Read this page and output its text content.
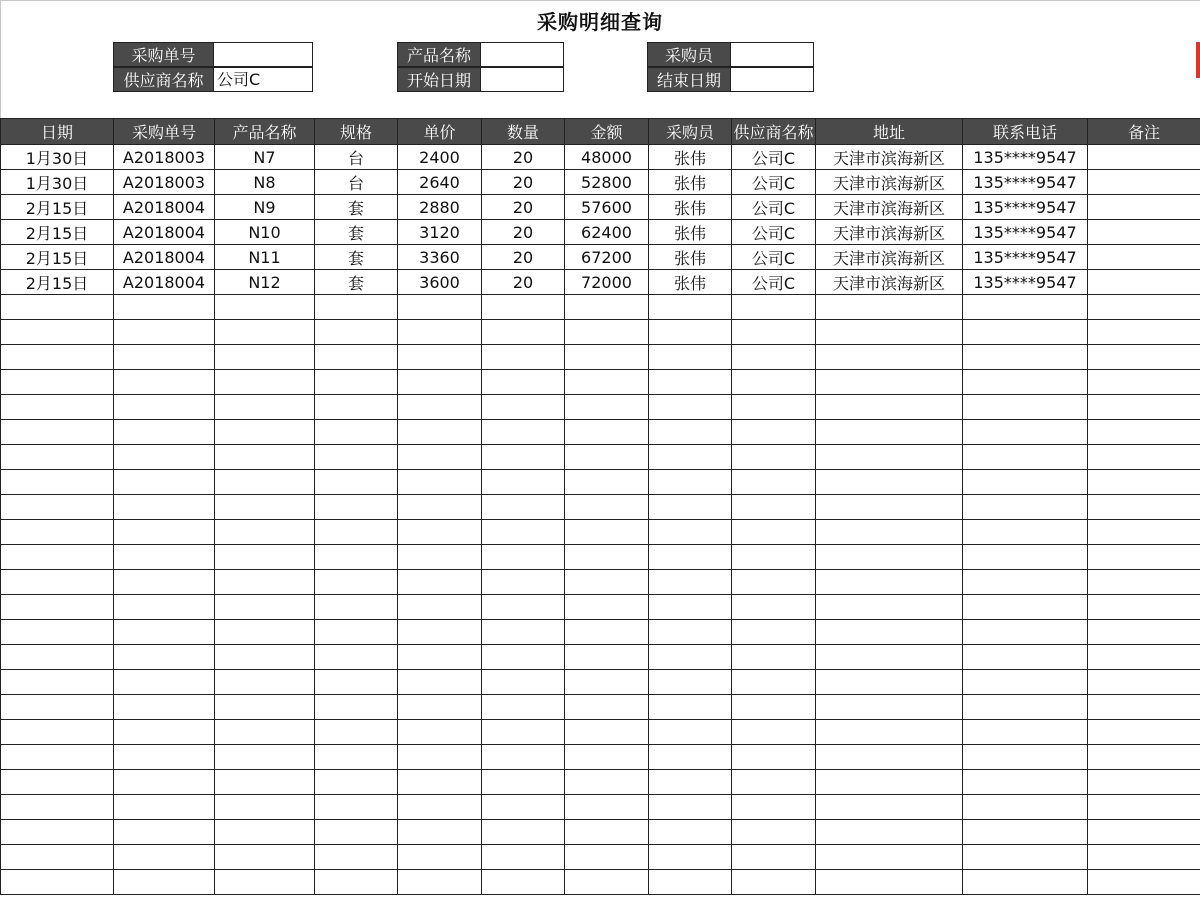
采购明细查询
采购单号	产品名称	采购员
供应商名称 公司C	开始日期	结束日期
日期	采购单号	产品名称	规格	单价	数量	金额	采购员	供应商名称	地址	联系电话	备注
1月30日	A2018003	N7	台	2400	20	48000	张伟	公司C	天津市滨海新区	135****9547	
1月30日	A2018003	N8	台	2640	20	52800	张伟	公司C	天津市滨海新区	135****9547	
2月15日	A2018004	N9	套	2880	20	57600	张伟	公司C	天津市滨海新区	135****9547	
2月15日	A2018004	N10	套	3120	20	62400	张伟	公司C	天津市滨海新区	135****9547	
2月15日	A2018004	N11	套	3360	20	67200	张伟	公司C	天津市滨海新区	135****9547	
2月15日	A2018004	N12	套	3600	20	72000	张伟	公司C	天津市滨海新区	135****9547	
